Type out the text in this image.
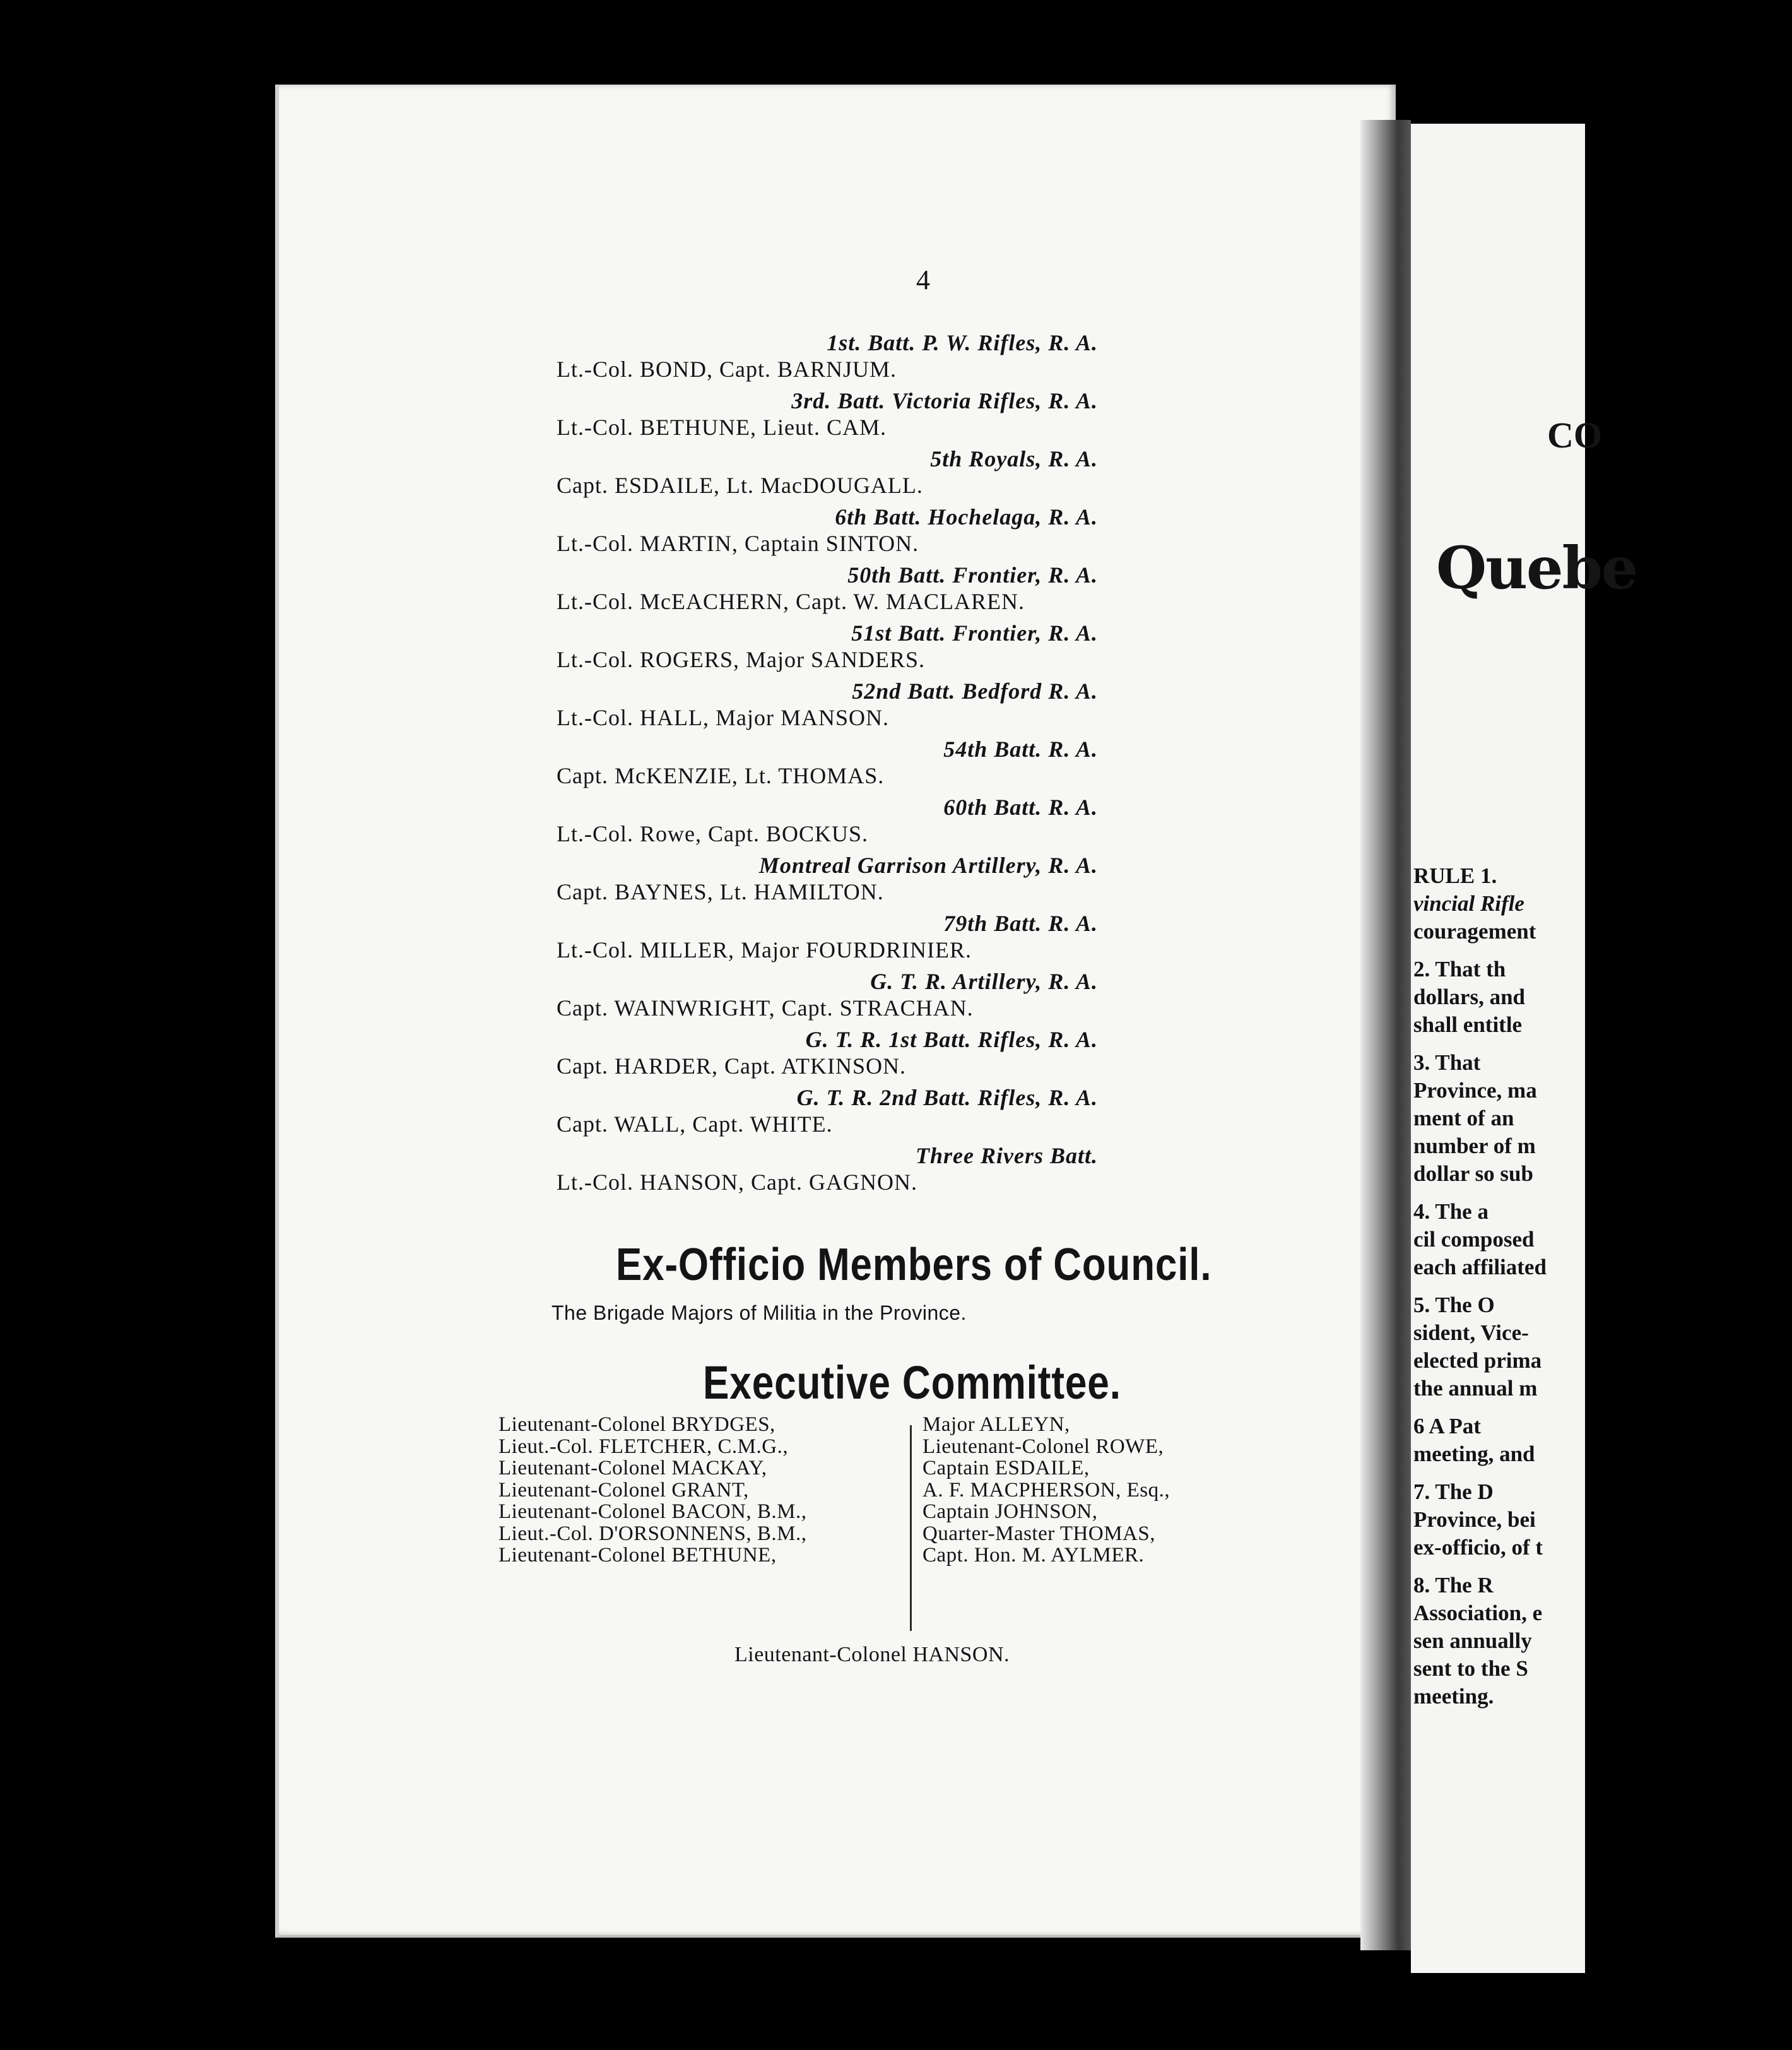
4
1st. Batt. P. W. Rifles, R. A.
Lt.-Col. BOND, Capt. BARNJUM.
3rd. Batt. Victoria Rifles, R. A.
Lt.-Col. BETHUNE, Lieut. CAM.
5th Royals, R. A.
Capt. ESDAILE, Lt. MacDOUGALL.
6th Batt. Hochelaga, R. A.
Lt.-Col. MARTIN, Captain SINTON.
50th Batt. Frontier, R. A.
Lt.-Col. McEACHERN, Capt. W. MACLAREN.
51st Batt. Frontier, R. A.
Lt.-Col. ROGERS, Major SANDERS.
52nd Batt. Bedford R. A.
Lt.-Col. HALL, Major MANSON.
54th Batt. R. A.
Capt. McKENZIE, Lt. THOMAS.
60th Batt. R. A.
Lt.-Col. Rowe, Capt. BOCKUS.
Montreal Garrison Artillery, R. A.
Capt. BAYNES, Lt. HAMILTON.
79th Batt. R. A.
Lt.-Col. MILLER, Major FOURDRINIER.
G. T. R. Artillery, R. A.
Capt. WAINWRIGHT, Capt. STRACHAN.
G. T. R. 1st Batt. Rifles, R. A.
Capt. HARDER, Capt. ATKINSON.
G. T. R. 2nd Batt. Rifles, R. A.
Capt. WALL, Capt. WHITE.
Three Rivers Batt.
Lt.-Col. HANSON, Capt. GAGNON.
Ex-Officio Members of Council.
The Brigade Majors of Militia in the Province.
Executive Committee.
Lieutenant-Colonel BRYDGES,
Lieut.-Col. FLETCHER, C.M.G.,
Lieutenant-Colonel MACKAY,
Lieutenant-Colonel GRANT,
Lieutenant-Colonel BACON, B.M.,
Lieut.-Col. D'ORSONNENS, B.M.,
Lieutenant-Colonel BETHUNE,
Major ALLEYN,
Lieutenant-Colonel ROWE,
Captain ESDAILE,
A. F. MACPHERSON, Esq.,
Captain JOHNSON,
Quarter-Master THOMAS,
Capt. Hon. M. AYLMER.
Lieutenant-Colonel HANSON.
CO
Quebe
RULE 1.
vincial Rifle
couragement
2. That th
dollars, and
shall entitle
3. That
Province, ma
ment of an
number of m
dollar so sub
4. The a
cil composed
each affiliated
5. The O
sident, Vice-
elected prima
the annual m
6 A Pat
meeting, and
7. The D
Province, bei
ex-officio, of t
8. The R
Association, e
sen annually
sent to the S
meeting.
